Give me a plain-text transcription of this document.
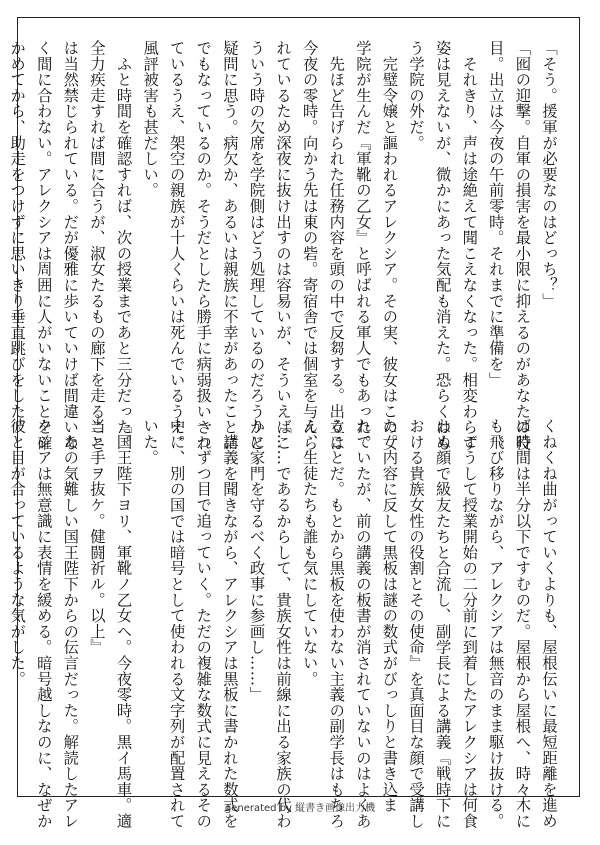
「そう。援軍が必要なのはどっち？」

「囮の迎撃。自軍の損害を最小限に抑えるのがあなたの役

目。出立は今夜の午前零時。それまでに準備を」

　それきり、声は途絶えて聞こえなくなった。相変わらず

姿は見えないが、微かにあった気配も消えた。恐らくはも

う学院の外だ。

　完璧令嬢と謳われるアレクシア。その実、彼女はこの女

学院が生んだ『軍靴の乙女』と呼ばれる軍人でもあった。

　先ほど告げられた任務内容を頭の中で反芻する。出立は

今夜の零時。向かう先は東の砦。寄宿舎では個室を与えら

れているため深夜に抜け出すのは容易いが、そういえばこ

ういう時の欠席を学院側はどう処理しているのだろうかと

疑問に思う。病欠か、あるいは親族に不幸があったことに

でもなっているのか。そうだとしたら勝手に病弱扱いされ

ているうえ、架空の親族が十人くらいは死んでいるうえ。

風評被害も甚だしい。

　ふと時間を確認すれば、次の授業まであと三分だった。

全力疾走すれば間に合うが、淑女たるもの廊下を走ること

は当然禁じられている。だが優雅に歩いていけば間違いな

く間に合わない。アレクシアは周囲に人がいないことを確

かめてから、助走をつけずに思いきり垂直跳びをした。

くねくね曲がっていくよりも、屋根伝いに最短距離を進め

ば時間は半分以下ですむのだ。屋根から屋根へ、時々木に

も飛び移りながら、アレクシアは無音のまま駆け抜ける。

　こうして授業開始の二分前に到着したアレクシアは何食

わぬ顔で級友たちと合流し、副学長による講義『戦時下に

おける貴族女性の役割とその使命』を真面目な顔で受講し

た。内容に反して黒板は謎の数式がびっしりと書き込ま

れていたが、前の講義の板書が消されていないのはよくあ

ることだ。もとから黒板を使わない主義の副学長はもちろ

ん、生徒たちも誰も気にしていない。

「……であるからして、貴族女性は前線に出る家族の代わ

りに家門を守るべく政事に参画し……」

　講義を聞きながら、アレクシアは黒板に書かれた数式を

一つずつ目で追っていく。ただの複雑な数式に見えるその

中に、別の国では暗号として使われる文字列が配置されて

いた。

『国王陛下ヨリ、軍靴ノ乙女ヘ。今夜零時。黒イ馬車。適

当ニ手ヲ抜ケ。健闘祈ル。以上』

　あの気難しい国王陛下からの伝言だった。解読したアレ

クシアは無意識に表情を緩める。暗号越しなのに、なぜか

彼と目が合っているような気がした。

generated by 縦書き画像出力機
